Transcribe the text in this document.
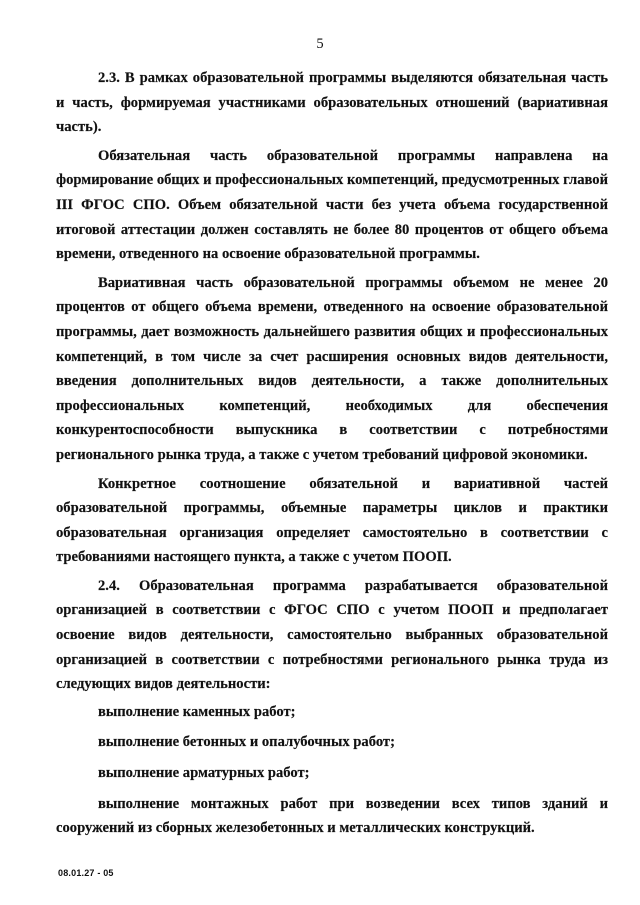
5

2.3. В рамках образовательной программы выделяются обязательная часть и часть, формируемая участниками образовательных отношений (вариативная часть).

Обязательная часть образовательной программы направлена на формирование общих и профессиональных компетенций, предусмотренных главой III ФГОС СПО. Объем обязательной части без учета объема государственной итоговой аттестации должен составлять не более 80 процентов от общего объема времени, отведенного на освоение образовательной программы.

Вариативная часть образовательной программы объемом не менее 20 процентов от общего объема времени, отведенного на освоение образовательной программы, дает возможность дальнейшего развития общих и профессиональных компетенций, в том числе за счет расширения основных видов деятельности, введения дополнительных видов деятельности, а также дополнительных профессиональных компетенций, необходимых для обеспечения конкурентоспособности выпускника в соответствии с потребностями регионального рынка труда, а также с учетом требований цифровой экономики.

Конкретное соотношение обязательной и вариативной частей образовательной программы, объемные параметры циклов и практики образовательная организация определяет самостоятельно в соответствии с требованиями настоящего пункта, а также с учетом ПООП.

2.4. Образовательная программа разрабатывается образовательной организацией в соответствии с ФГОС СПО с учетом ПООП и предполагает освоение видов деятельности, самостоятельно выбранных образовательной организацией в соответствии с потребностями регионального рынка труда из следующих видов деятельности:

выполнение каменных работ;
выполнение бетонных и опалубочных работ;
выполнение арматурных работ;
выполнение монтажных работ при возведении всех типов зданий и сооружений из сборных железобетонных и металлических конструкций.
08.01.27 - 05
